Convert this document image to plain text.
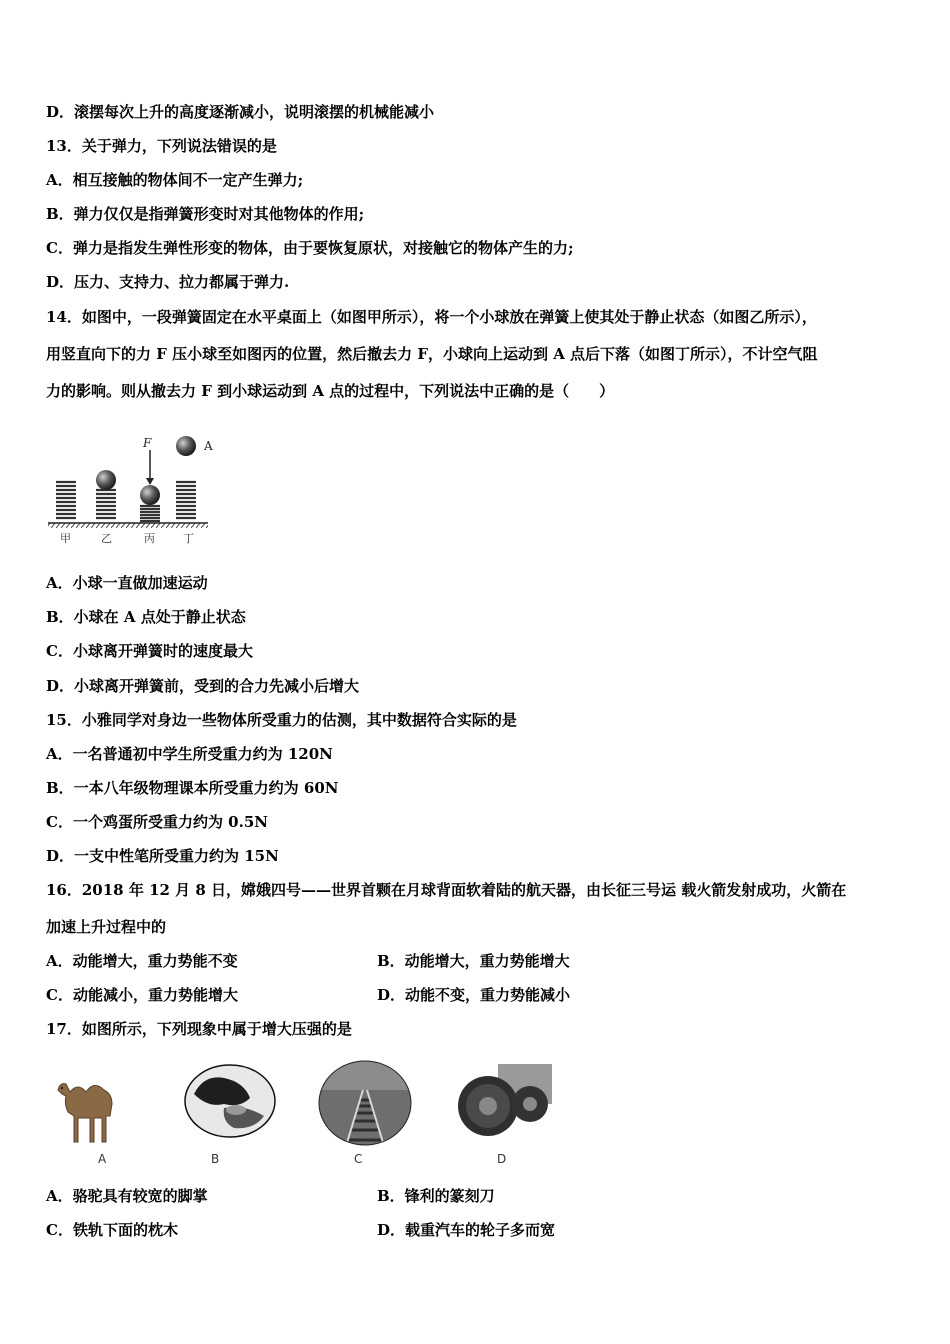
D．滚摆每次上升的高度逐渐减小，说明滚摆的机械能减小
13．关于弹力，下列说法错误的是
A．相互接触的物体间不一定产生弹力;
B．弹力仅仅是指弹簧形变时对其他物体的作用;
C．弹力是指发生弹性形变的物体，由于要恢复原状，对接触它的物体产生的力;
D．压力、支持力、拉力都属于弹力.
14．如图中，一段弹簧固定在水平桌面上（如图甲所示），将一个小球放在弹簧上使其处于静止状态（如图乙所示），
用竖直向下的力 F 压小球至如图丙的位置，然后撤去力 F，小球向上运动到 A 点后下落（如图丁所示），不计空气阻
力的影响。则从撤去力 F 到小球运动到 A 点的过程中，下列说法中正确的是（　　）
F	A
甲	乙	丙	丁
A．小球一直做加速运动
B．小球在 A 点处于静止状态
C．小球离开弹簧时的速度最大
D．小球离开弹簧前，受到的合力先减小后增大
15．小雅同学对身边一些物体所受重力的估测，其中数据符合实际的是
A．一名普通初中学生所受重力约为 120N
B．一本八年级物理课本所受重力约为 60N
C．一个鸡蛋所受重力约为 0.5N
D．一支中性笔所受重力约为 15N
16．2018 年 12 月 8 日，嫦娥四号——世界首颗在月球背面软着陆的航天器，由长征三号运 载火箭发射成功，火箭在
加速上升过程中的
A．动能增大，重力势能不变	B．动能增大，重力势能增大
C．动能减小，重力势能增大	D．动能不变，重力势能减小
17．如图所示，下列现象中属于增大压强的是
A	B	C	D
A．骆驼具有较宽的脚掌	B．锋利的篆刻刀
C．铁轨下面的枕木	D．载重汽车的轮子多而宽
